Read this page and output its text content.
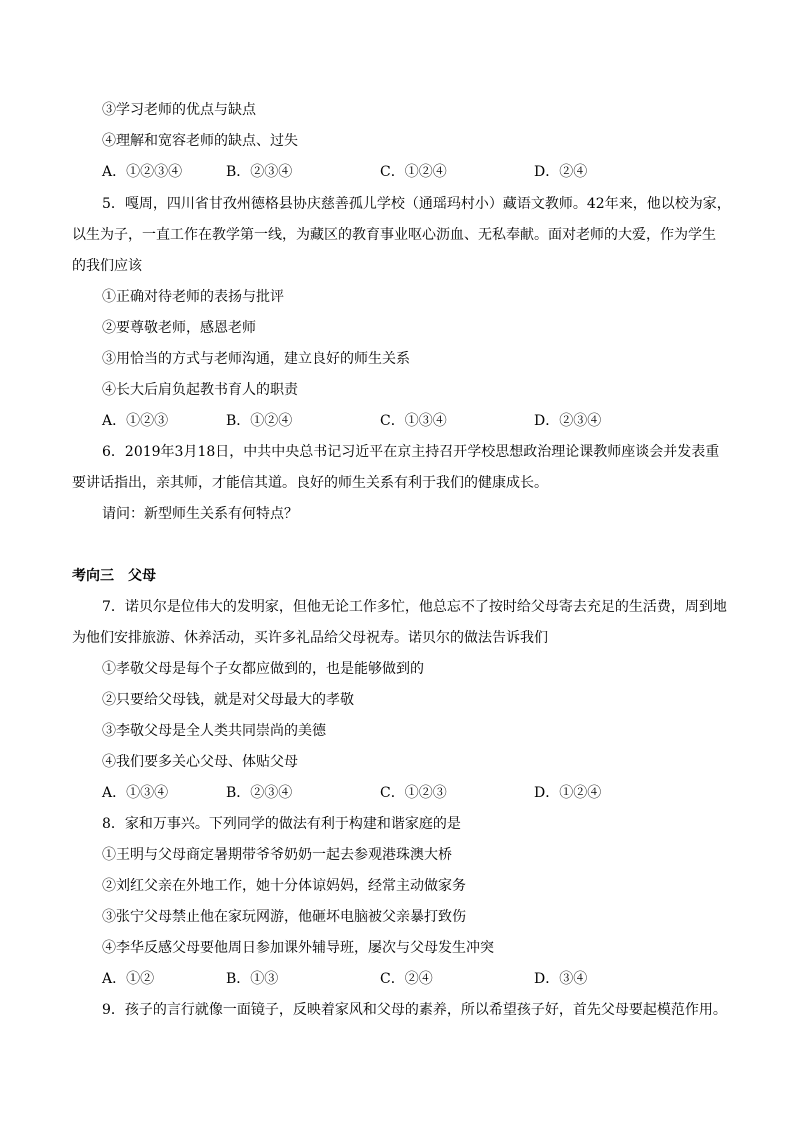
③学习老师的优点与缺点
④理解和宽容老师的缺点、过失
A．①②③④	B．②③④	C．①②④	D．②④
5．嘎周，四川省甘孜州德格县协庆慈善孤儿学校（通瑶玛村小）藏语文教师。42年来，他以校为家，
以生为子，一直工作在教学第一线，为藏区的教育事业呕心沥血、无私奉献。面对老师的大爱，作为学生
的我们应该
①正确对待老师的表扬与批评
②要尊敬老师，感恩老师
③用恰当的方式与老师沟通，建立良好的师生关系
④长大后肩负起教书育人的职责
A．①②③	B．①②④	C．①③④	D．②③④
6．2019年3月18日，中共中央总书记习近平在京主持召开学校思想政治理论课教师座谈会并发表重
要讲话指出，亲其师，才能信其道。良好的师生关系有利于我们的健康成长。
请问：新型师生关系有何特点？
考向三　父母
7．诺贝尔是位伟大的发明家，但他无论工作多忙，他总忘不了按时给父母寄去充足的生活费，周到地
为他们安排旅游、休养活动，买许多礼品给父母祝寿。诺贝尔的做法告诉我们
①孝敬父母是每个子女都应做到的，也是能够做到的
②只要给父母钱，就是对父母最大的孝敬
③李敬父母是全人类共同崇尚的美德
④我们要多关心父母、体贴父母
A．①③④	B．②③④	C．①②③	D．①②④
8．家和万事兴。下列同学的做法有利于构建和谐家庭的是
①王明与父母商定暑期带爷爷奶奶一起去参观港珠澳大桥
②刘红父亲在外地工作，她十分体谅妈妈，经常主动做家务
③张宁父母禁止他在家玩网游，他砸坏电脑被父亲暴打致伤
④李华反感父母要他周日参加课外辅导班，屡次与父母发生冲突
A．①②	B．①③	C．②④	D．③④
9．孩子的言行就像一面镜子，反映着家风和父母的素养，所以希望孩子好，首先父母要起模范作用。
